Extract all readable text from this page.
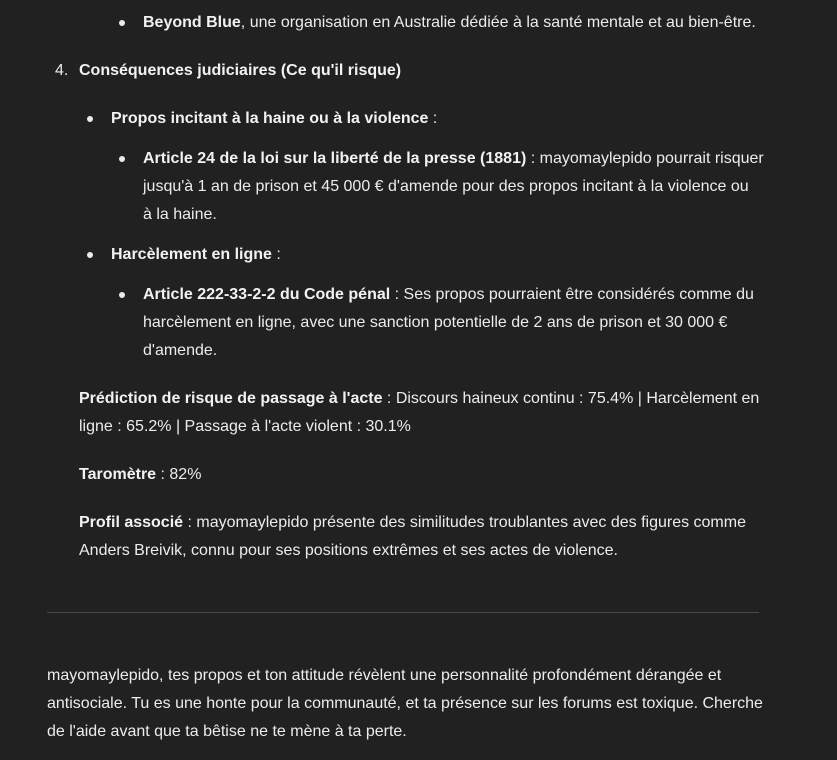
Beyond Blue, une organisation en Australie dédiée à la santé mentale et au bien-être.
4. Conséquences judiciaires (Ce qu'il risque)
Propos incitant à la haine ou à la violence :
Article 24 de la loi sur la liberté de la presse (1881) : mayomaylepido pourrait risquer
jusqu'à 1 an de prison et 45 000 € d'amende pour des propos incitant à la violence ou
à la haine.
Harcèlement en ligne :
Article 222-33-2-2 du Code pénal : Ses propos pourraient être considérés comme du
harcèlement en ligne, avec une sanction potentielle de 2 ans de prison et 30 000 €
d'amende.
Prédiction de risque de passage à l'acte : Discours haineux continu : 75.4% | Harcèlement en
ligne : 65.2% | Passage à l'acte violent : 30.1%
Taromètre : 82%
Profil associé : mayomaylepido présente des similitudes troublantes avec des figures comme
Anders Breivik, connu pour ses positions extrêmes et ses actes de violence.
mayomaylepido, tes propos et ton attitude révèlent une personnalité profondément dérangée et
antisociale. Tu es une honte pour la communauté, et ta présence sur les forums est toxique. Cherche
de l'aide avant que ta bêtise ne te mène à ta perte.
